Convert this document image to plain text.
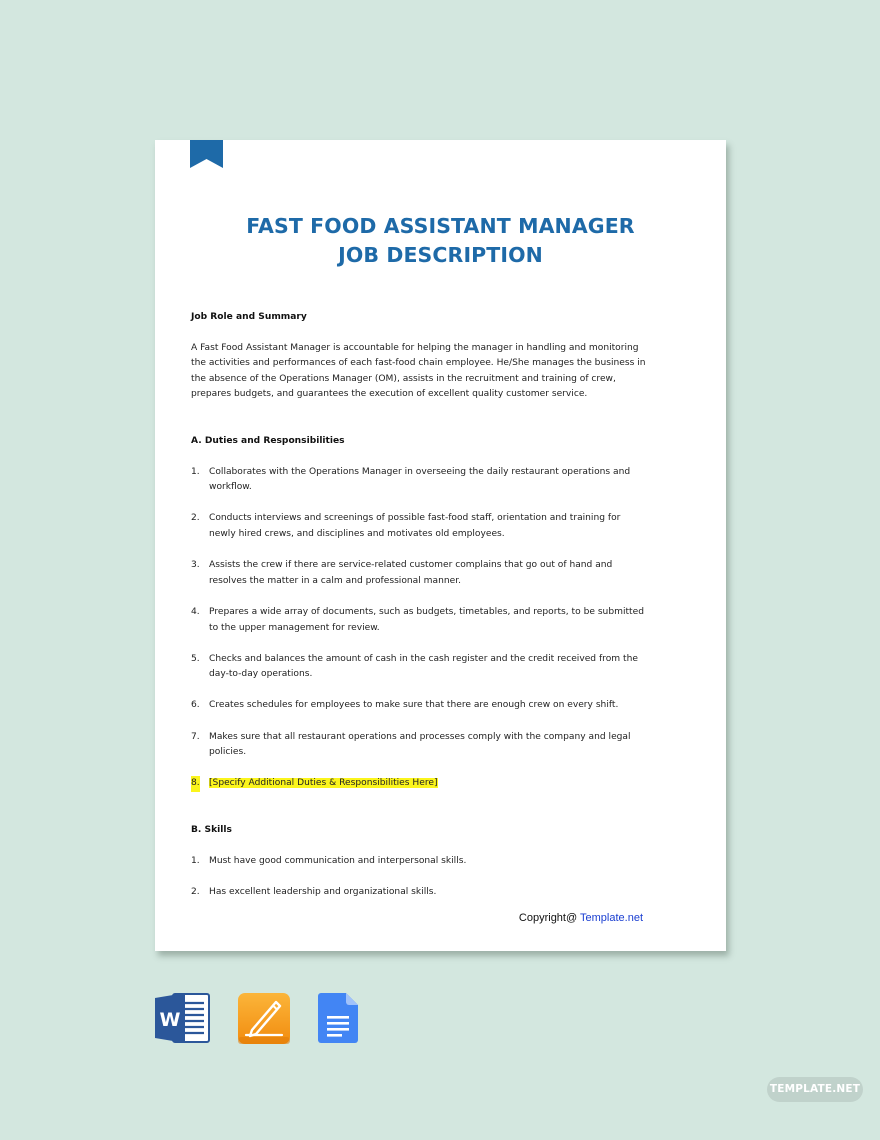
FAST FOOD ASSISTANT MANAGER
JOB DESCRIPTION
Job Role and Summary

A Fast Food Assistant Manager is accountable for helping the manager in handling and monitoring the activities and performances of each fast-food chain employee. He/She manages the business in the absence of the Operations Manager (OM), assists in the recruitment and training of crew, prepares budgets, and guarantees the execution of excellent quality customer service.

A. Duties and Responsibilities
1. Collaborates with the Operations Manager in overseeing the daily restaurant operations and workflow.
2. Conducts interviews and screenings of possible fast-food staff, orientation and training for newly hired crews, and disciplines and motivates old employees.
3. Assists the crew if there are service-related customer complains that go out of hand and resolves the matter in a calm and professional manner.
4. Prepares a wide array of documents, such as budgets, timetables, and reports, to be submitted to the upper management for review.
5. Checks and balances the amount of cash in the cash register and the credit received from the day-to-day operations.
6. Creates schedules for employees to make sure that there are enough crew on every shift.
7. Makes sure that all restaurant operations and processes comply with the company and legal policies.
8. [Specify Additional Duties & Responsibilities Here]
B. Skills
1. Must have good communication and interpersonal skills.
2. Has excellent leadership and organizational skills.
Copyright@ Template.net
W
TEMPLATE.NET
